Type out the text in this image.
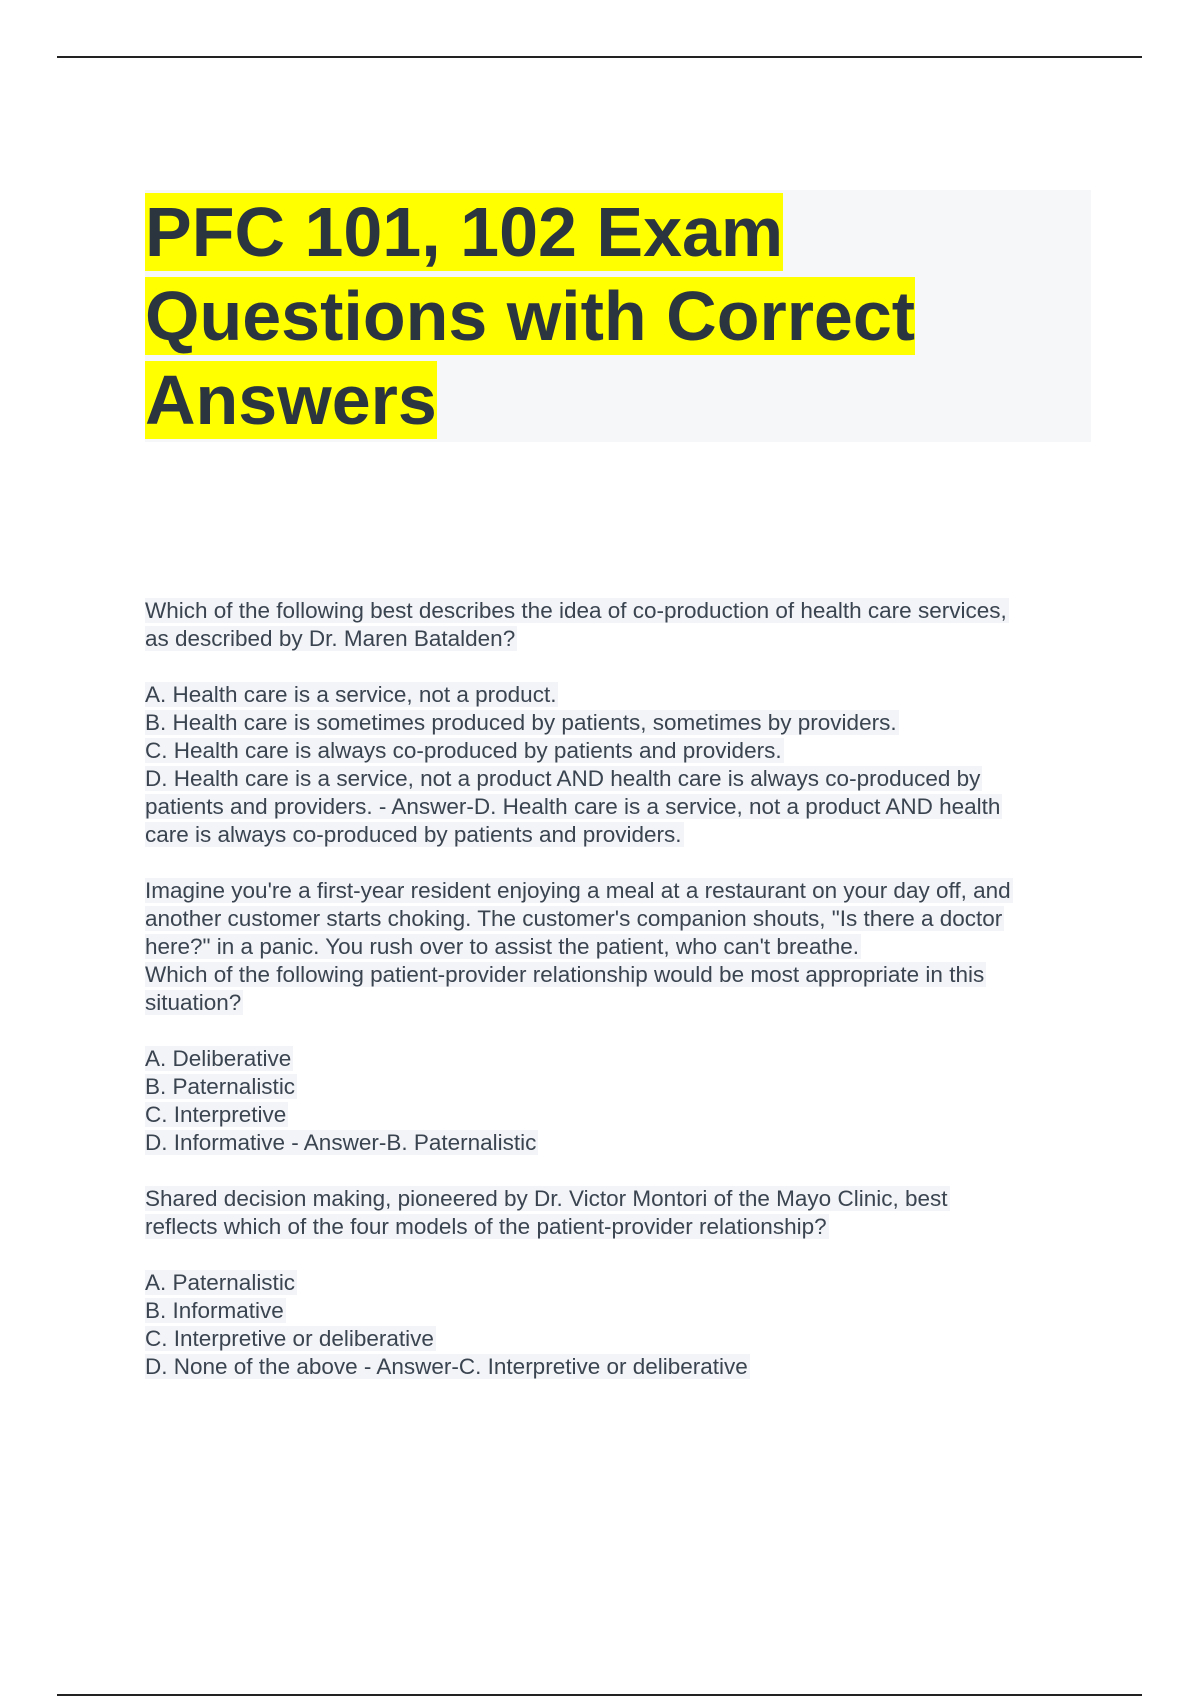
PFC 101, 102 Exam
Questions with Correct
Answers

Which of the following best describes the idea of co-production of health care services,
as described by Dr. Maren Batalden?

A. Health care is a service, not a product.
B. Health care is sometimes produced by patients, sometimes by providers.
C. Health care is always co-produced by patients and providers.
D. Health care is a service, not a product AND health care is always co-produced by
patients and providers. - Answer-D. Health care is a service, not a product AND health
care is always co-produced by patients and providers.

Imagine you're a first-year resident enjoying a meal at a restaurant on your day off, and
another customer starts choking. The customer's companion shouts, "Is there a doctor
here?" in a panic. You rush over to assist the patient, who can't breathe.
Which of the following patient-provider relationship would be most appropriate in this
situation?

A. Deliberative
B. Paternalistic
C. Interpretive
D. Informative - Answer-B. Paternalistic

Shared decision making, pioneered by Dr. Victor Montori of the Mayo Clinic, best
reflects which of the four models of the patient-provider relationship?

A. Paternalistic
B. Informative
C. Interpretive or deliberative
D. None of the above - Answer-C. Interpretive or deliberative
